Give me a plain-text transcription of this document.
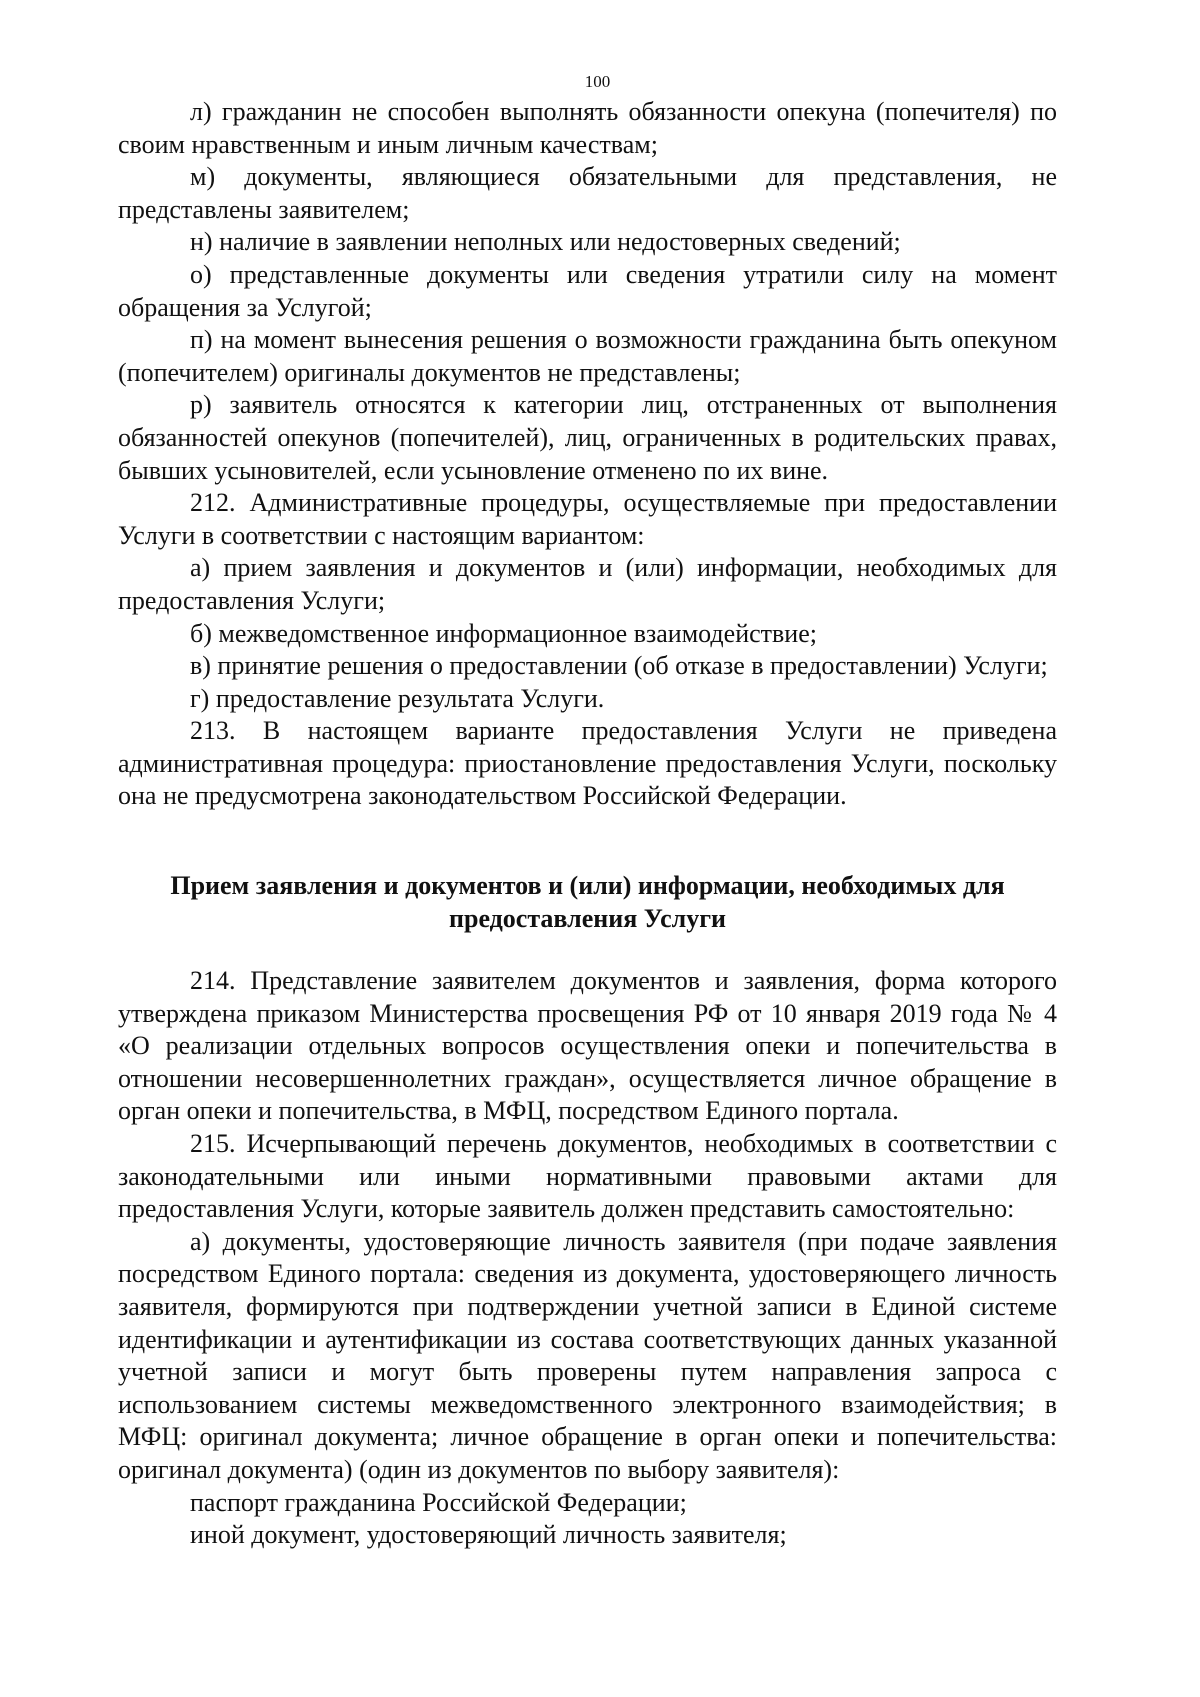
100

л) гражданин не способен выполнять обязанности опекуна (попечителя) по своим нравственным и иным личным качествам;

м) документы, являющиеся обязательными для представления, не представлены заявителем;

н) наличие в заявлении неполных или недостоверных сведений;

о) представленные документы или сведения утратили силу на момент обращения за Услугой;

п) на момент вынесения решения о возможности гражданина быть опекуном (попечителем) оригиналы документов не представлены;

р) заявитель относятся к категории лиц, отстраненных от выполнения обязанностей опекунов (попечителей), лиц, ограниченных в родительских правах, бывших усыновителей, если усыновление отменено по их вине.

212. Административные процедуры, осуществляемые при предоставлении Услуги в соответствии с настоящим вариантом:

а) прием заявления и документов и (или) информации, необходимых для предоставления Услуги;

б) межведомственное информационное взаимодействие;

в) принятие решения о предоставлении (об отказе в предоставлении) Услуги;

г) предоставление результата Услуги.

213. В настоящем варианте предоставления Услуги не приведена административная процедура: приостановление предоставления Услуги, поскольку она не предусмотрена законодательством Российской Федерации.

Прием заявления и документов и (или) информации, необходимых для предоставления Услуги

214. Представление заявителем документов и заявления, форма которого утверждена приказом Министерства просвещения РФ от 10 января 2019 года № 4 «О реализации отдельных вопросов осуществления опеки и попечительства в отношении несовершеннолетних граждан», осуществляется личное обращение в орган опеки и попечительства, в МФЦ, посредством Единого портала.

215. Исчерпывающий перечень документов, необходимых в соответствии с законодательными или иными нормативными правовыми актами для предоставления Услуги, которые заявитель должен представить самостоятельно:

а) документы, удостоверяющие личность заявителя (при подаче заявления посредством Единого портала: сведения из документа, удостоверяющего личность заявителя, формируются при подтверждении учетной записи в Единой системе идентификации и аутентификации из состава соответствующих данных указанной учетной записи и могут быть проверены путем направления запроса с использованием системы межведомственного электронного взаимодействия; в МФЦ: оригинал документа; личное обращение в орган опеки и попечительства: оригинал документа) (один из документов по выбору заявителя):

паспорт гражданина Российской Федерации;

иной документ, удостоверяющий личность заявителя;
